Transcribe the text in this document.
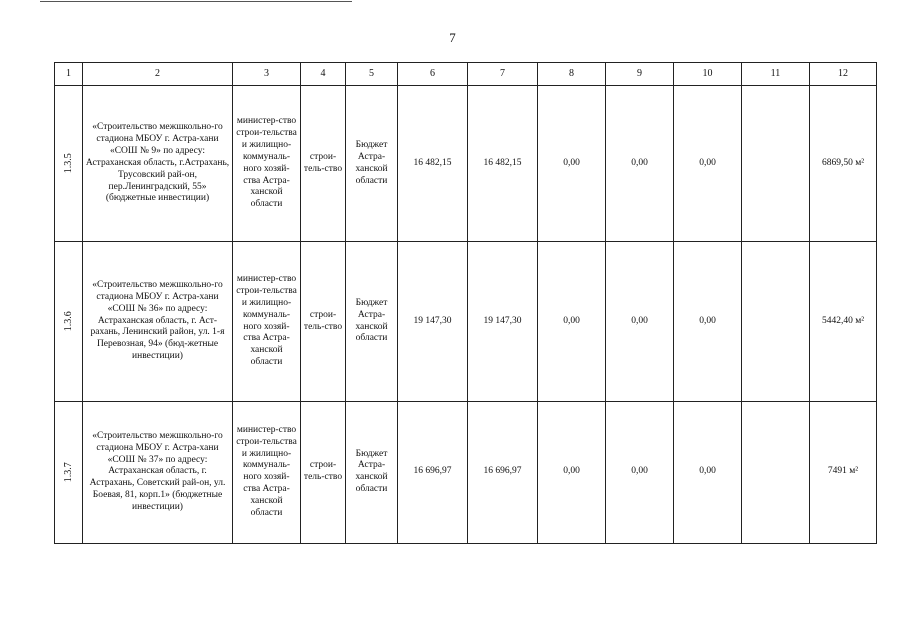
7
1	2	3	4	5	6	7	8	9	10	11	12
1.3.5	«Строительство межшкольно-го стадиона МБОУ г. Астра-хани «СОШ № 9» по адресу: Астраханская область, г.Астрахань, Трусовский рай-он, пер.Ленинградский, 55» (бюджетные инвестиции)	министер-ство строи-тельства и жилищно-коммуналь-ного хозяй-ства Астра-ханской области	строи-тель-ство	Бюджет Астра-ханской области	16 482,15	16 482,15	0,00	0,00	0,00		6869,50 м²
1.3.6	«Строительство межшкольно-го стадиона МБОУ г. Астра-хани «СОШ № 36» по адресу: Астраханская область, г. Аст-рахань, Ленинский район, ул. 1-я Перевозная, 94» (бюд-жетные инвестиции)	министер-ство строи-тельства и жилищно-коммуналь-ного хозяй-ства Астра-ханской области	строи-тель-ство	Бюджет Астра-ханской области	19 147,30	19 147,30	0,00	0,00	0,00		5442,40 м²
1.3.7	«Строительство межшкольно-го стадиона МБОУ г. Астра-хани «СОШ № 37» по адресу: Астраханская область, г. Астрахань, Советский рай-он, ул. Боевая, 81, корп.1» (бюджетные инвестиции)	министер-ство строи-тельства и жилищно-коммуналь-ного хозяй-ства Астра-ханской области	строи-тель-ство	Бюджет Астра-ханской области	16 696,97	16 696,97	0,00	0,00	0,00		7491 м²
